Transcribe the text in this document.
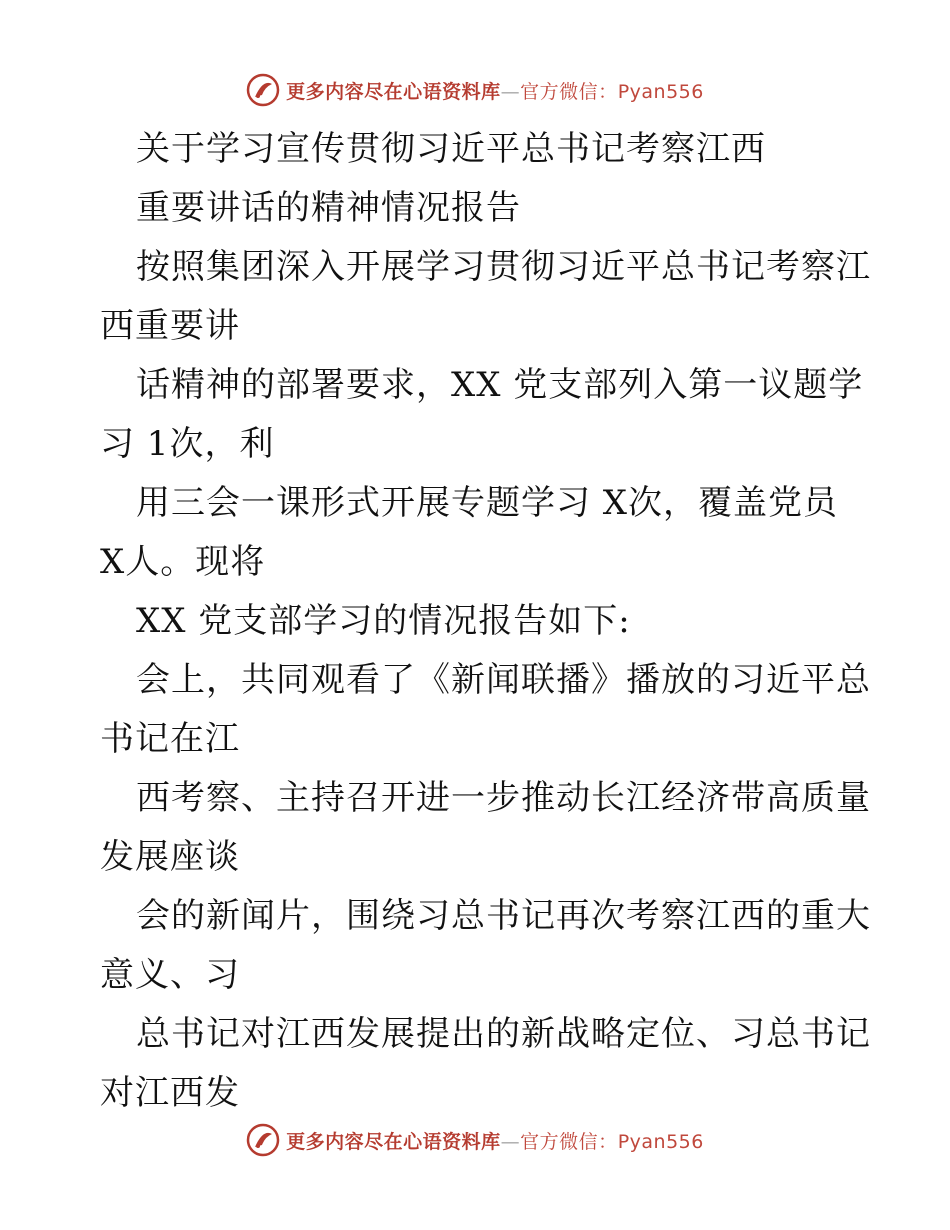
更多内容尽在心语资料库—官方微信：Pyan556
关于学习宣传贯彻习近平总书记考察江西
重要讲话的精神情况报告
按照集团深入开展学习贯彻习近平总书记考察江
西重要讲
话精神的部署要求，XX 党支部列入第一议题学
习 1次，利
用三会一课形式开展专题学习 X次，覆盖党员
X人。现将
XX 党支部学习的情况报告如下:
会上，共同观看了《新闻联播》播放的习近平总
书记在江
西考察、主持召开进一步推动长江经济带高质量
发展座谈
会的新闻片，围绕习总书记再次考察江西的重大
意义、习
总书记对江西发展提出的新战略定位、习总书记
对江西发
更多内容尽在心语资料库—官方微信：Pyan556
